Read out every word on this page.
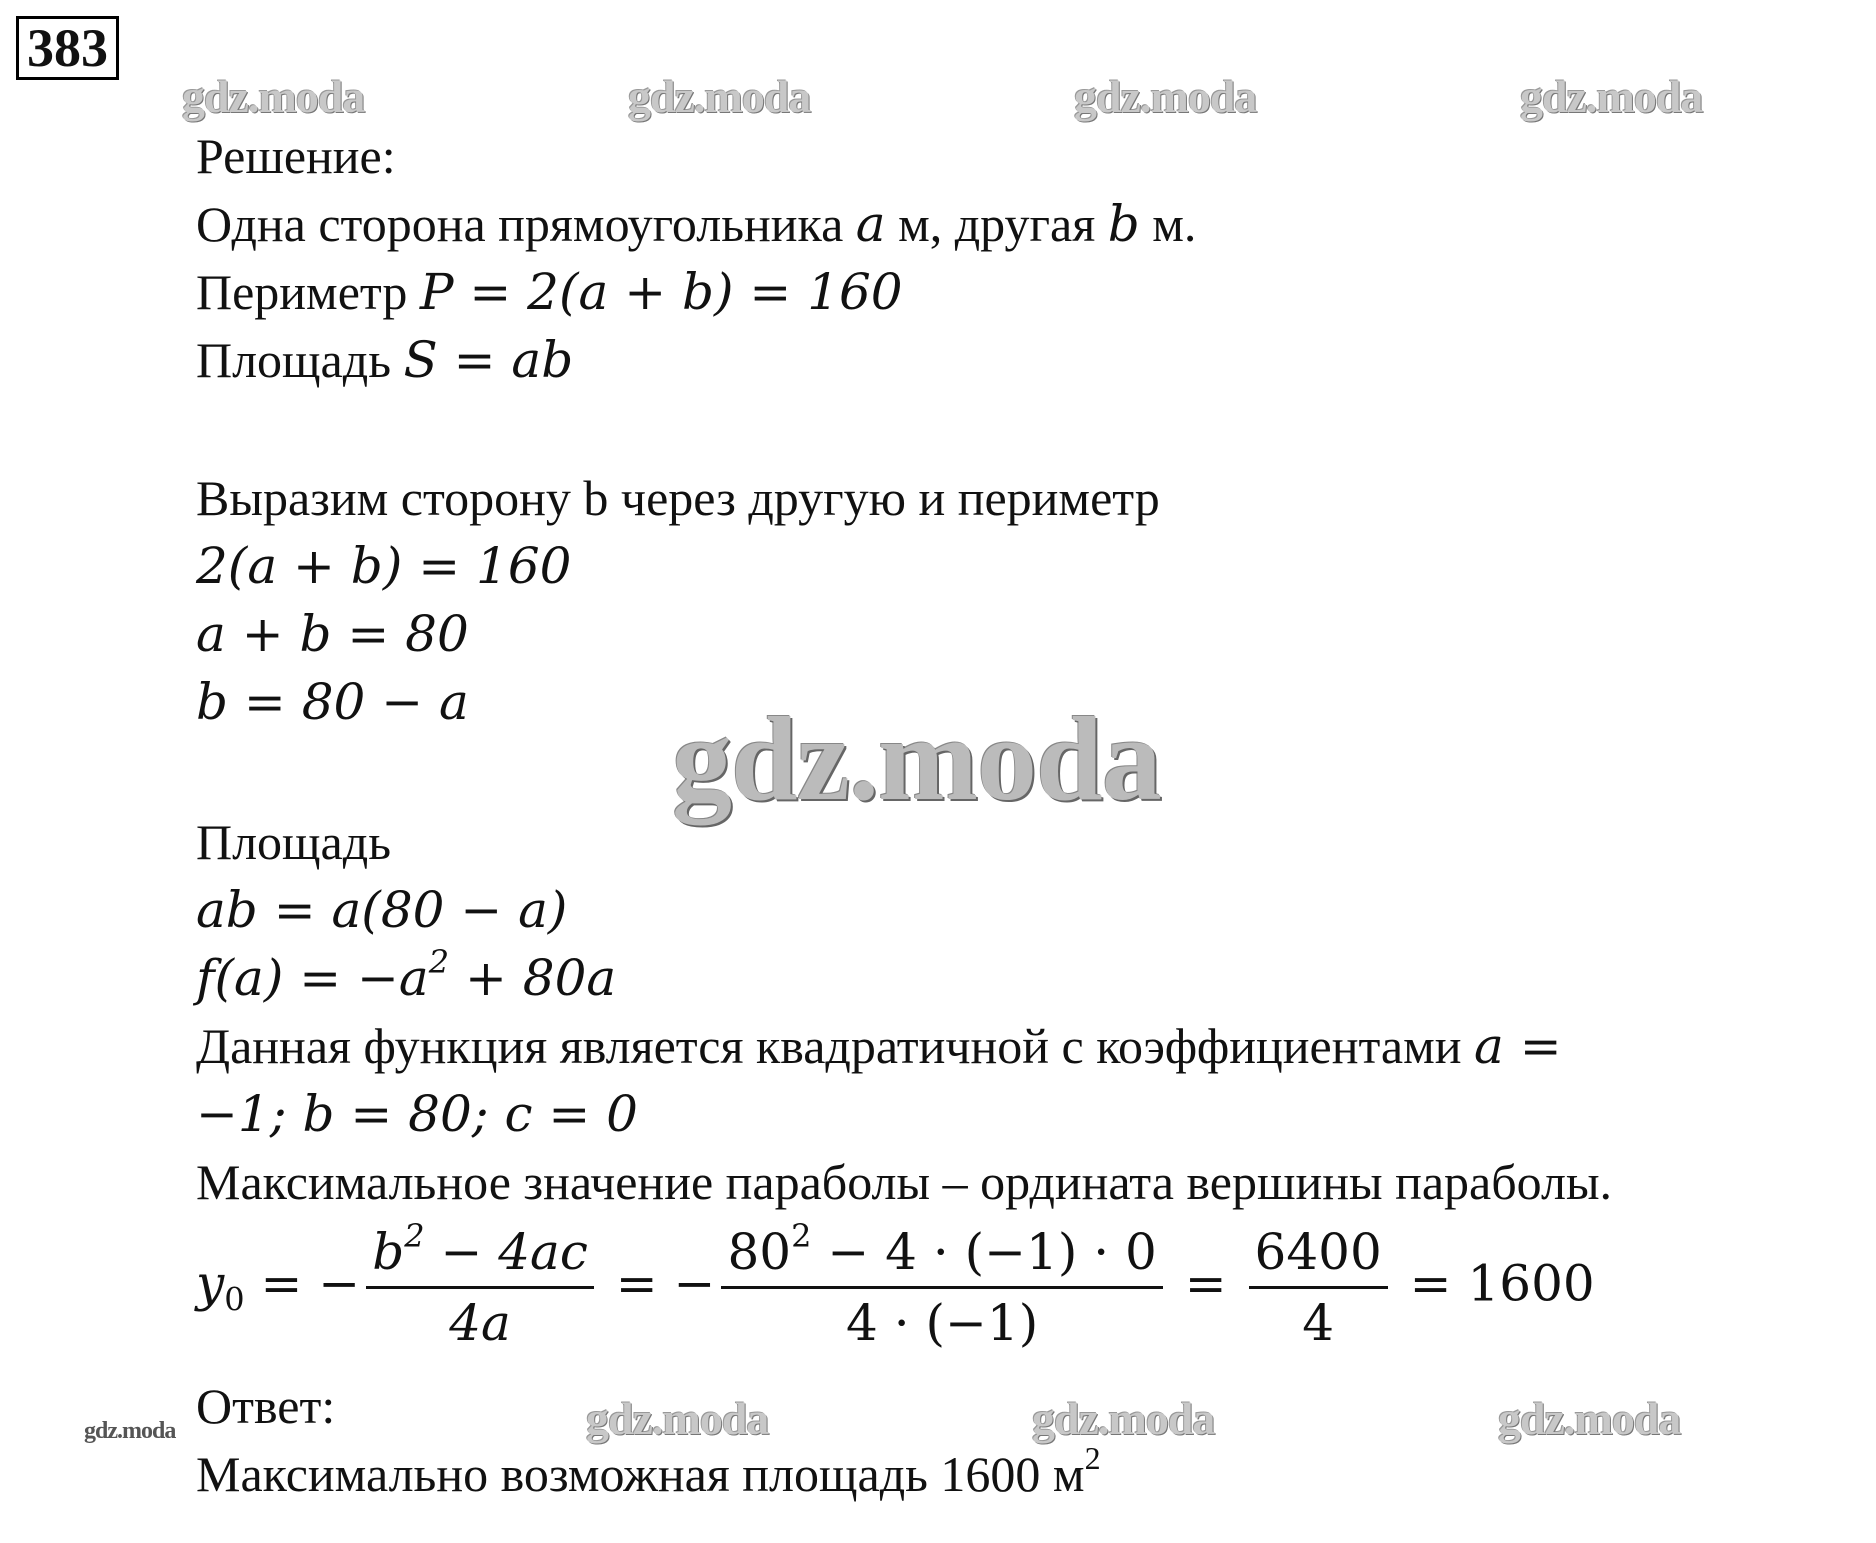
383
gdz.moda	gdz.moda	gdz.moda	gdz.moda
gdz.moda
gdz.moda	gdz.moda	gdz.moda	gdz.moda
Решение:
Одна сторона прямоугольника a м, другая b м.
Периметр P = 2(a + b) = 160
Площадь S = ab
Выразим сторону b через другую и периметр
2(a + b) = 160
a + b = 80
b = 80 − a
Площадь
ab = a(80 − a)
$f(a) = -a^2 + 80a$
Данная функция является квадратичной с коэффициентами a =
−1; b = 80; c = 0
Максимальное значение параболы – ордината вершины параболы.
$y_0$ = − $\frac{b^2 - 4ac}{4a}$ = − $\frac{80^2 - 4 \cdot (-1) \cdot 0}{4 \cdot (-1)} = \frac{6400}{4} = 1600$
Ответ:
Максимально возможная площадь 1600 $м^2$
